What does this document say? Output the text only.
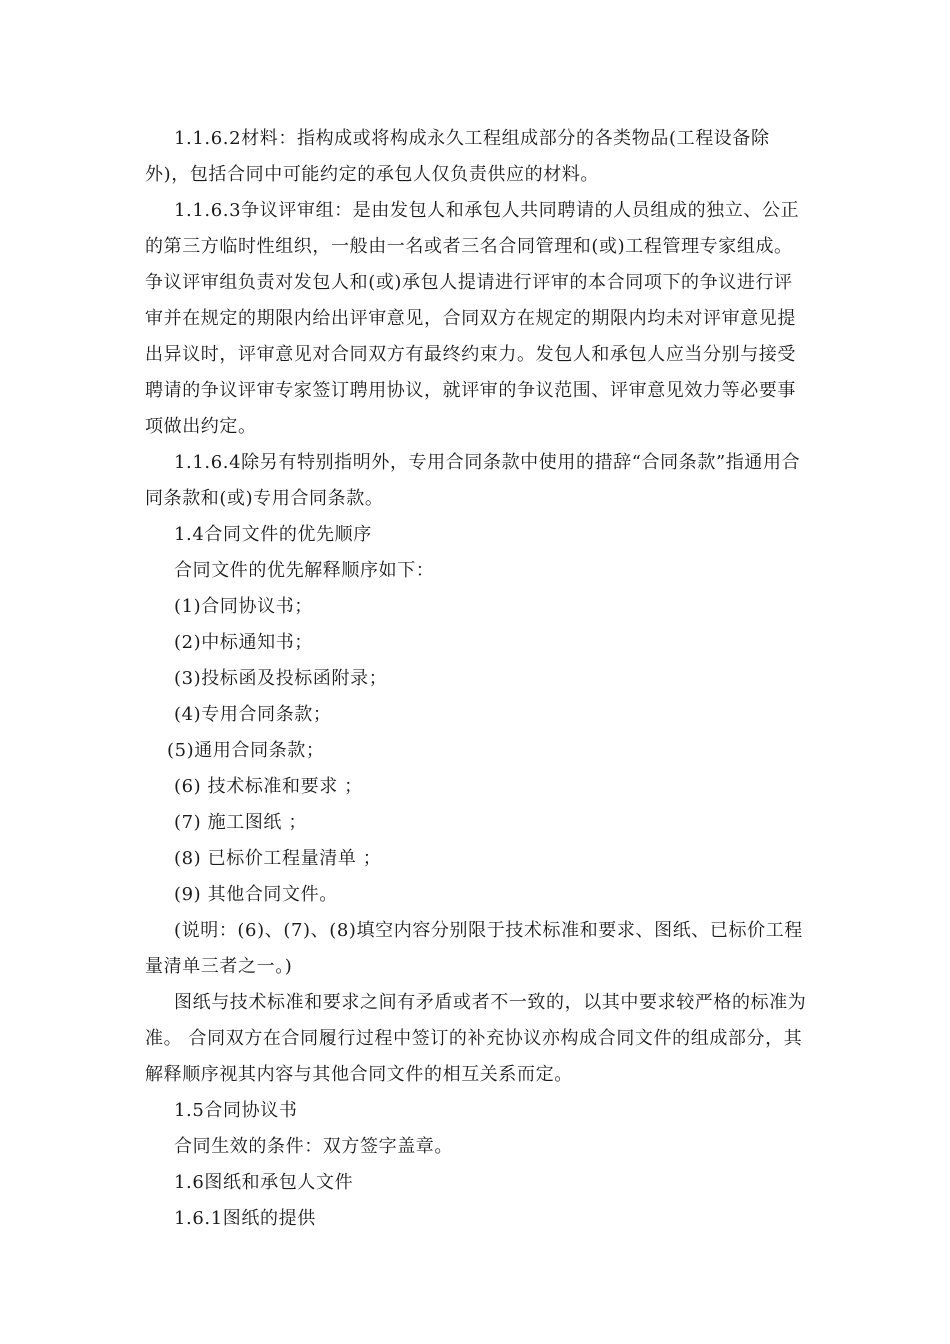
1.1.6.2材料：指构成或将构成永久工程组成部分的各类物品(工程设备除外)，包括合同中可能约定的承包人仅负责供应的材料。

1.1.6.3争议评审组：是由发包人和承包人共同聘请的人员组成的独立、公正的第三方临时性组织，一般由一名或者三名合同管理和(或)工程管理专家组成。争议评审组负责对发包人和(或)承包人提请进行评审的本合同项下的争议进行评审并在规定的期限内给出评审意见，合同双方在规定的期限内均未对评审意见提出异议时，评审意见对合同双方有最终约束力。发包人和承包人应当分别与接受聘请的争议评审专家签订聘用协议，就评审的争议范围、评审意见效力等必要事项做出约定。

1.1.6.4除另有特别指明外，专用合同条款中使用的措辞“合同条款”指通用合同条款和(或)专用合同条款。

1.4合同文件的优先顺序

合同文件的优先解释顺序如下：

(1)合同协议书；

(2)中标通知书；

(3)投标函及投标函附录；

(4)专用合同条款；

(5)通用合同条款；

(6) 技术标准和要求 ；

(7) 施工图纸 ；

(8) 已标价工程量清单 ；

(9) 其他合同文件。

(说明：(6)、(7)、(8)填空内容分别限于技术标准和要求、图纸、已标价工程量清单三者之一。)

图纸与技术标准和要求之间有矛盾或者不一致的，以其中要求较严格的标准为准。 合同双方在合同履行过程中签订的补充协议亦构成合同文件的组成部分，其解释顺序视其内容与其他合同文件的相互关系而定。

1.5合同协议书

合同生效的条件：双方签字盖章。

1.6图纸和承包人文件

1.6.1图纸的提供
